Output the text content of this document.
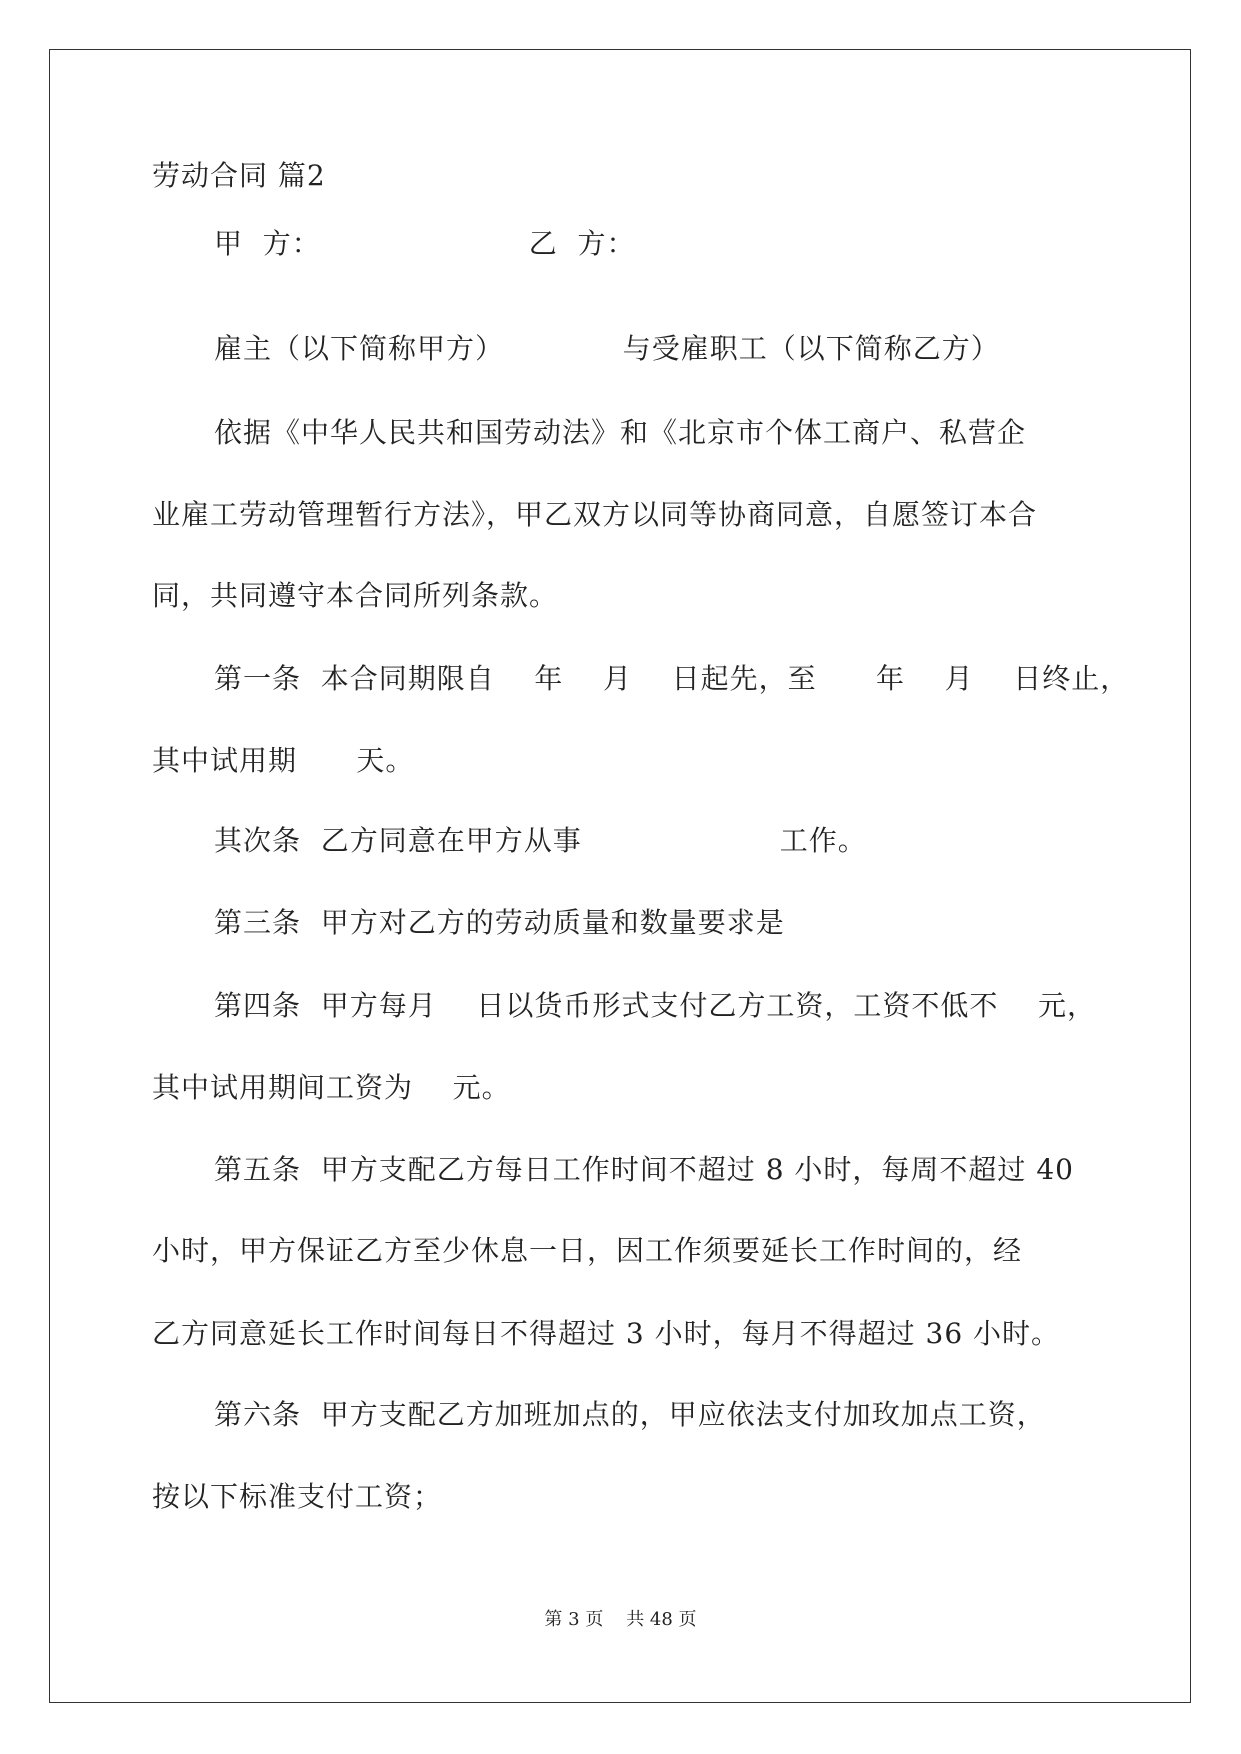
劳动合同 篇2

甲  方：                     乙  方：

雇主（以下简称甲方）            与受雇职工（以下简称乙方）

依据《中华人民共和国劳动法》和《北京市个体工商户、私营企

业雇工劳动管理暂行方法》，甲乙双方以同等协商同意，自愿签订本合

同，共同遵守本合同所列条款。

第一条  本合同期限自    年    月    日起先，至      年    月    日终止，

其中试用期      天。

其次条  乙方同意在甲方从事                    工作。

第三条  甲方对乙方的劳动质量和数量要求是

第四条  甲方每月    日以货币形式支付乙方工资，工资不低不    元，

其中试用期间工资为    元。

第五条  甲方支配乙方每日工作时间不超过 8 小时，每周不超过 40

小时，甲方保证乙方至少休息一日，因工作须要延长工作时间的，经

乙方同意延长工作时间每日不得超过 3 小时，每月不得超过 36 小时。

第六条  甲方支配乙方加班加点的，甲应依法支付加玫加点工资，

按以下标准支付工资；

第 3 页    共 48 页
